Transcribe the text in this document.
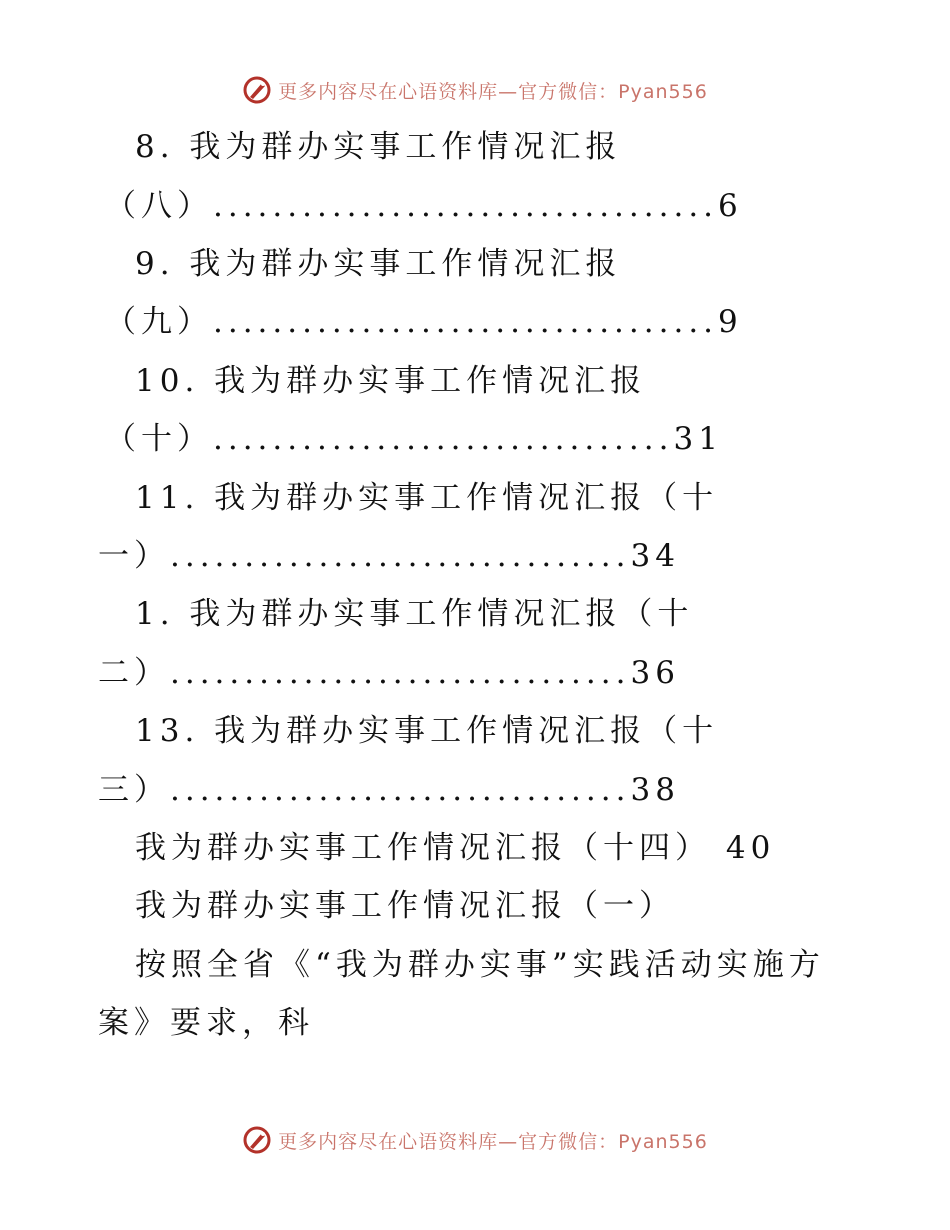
更多内容尽在心语资料库—官方微信：Pyan556
8. 我为群办实事工作情况汇报
（八）..................................6
9. 我为群办实事工作情况汇报
（九）..................................9
10. 我为群办实事工作情况汇报
（十）...............................31
11. 我为群办实事工作情况汇报（十
一）...............................34
1. 我为群办实事工作情况汇报（十
二）...............................36
13. 我为群办实事工作情况汇报（十
三）...............................38
我为群办实事工作情况汇报（十四） 40
我为群办实事工作情况汇报（一）
按照全省《“我为群办实事”实践活动实施方
案》要求，科
更多内容尽在心语资料库—官方微信：Pyan556
